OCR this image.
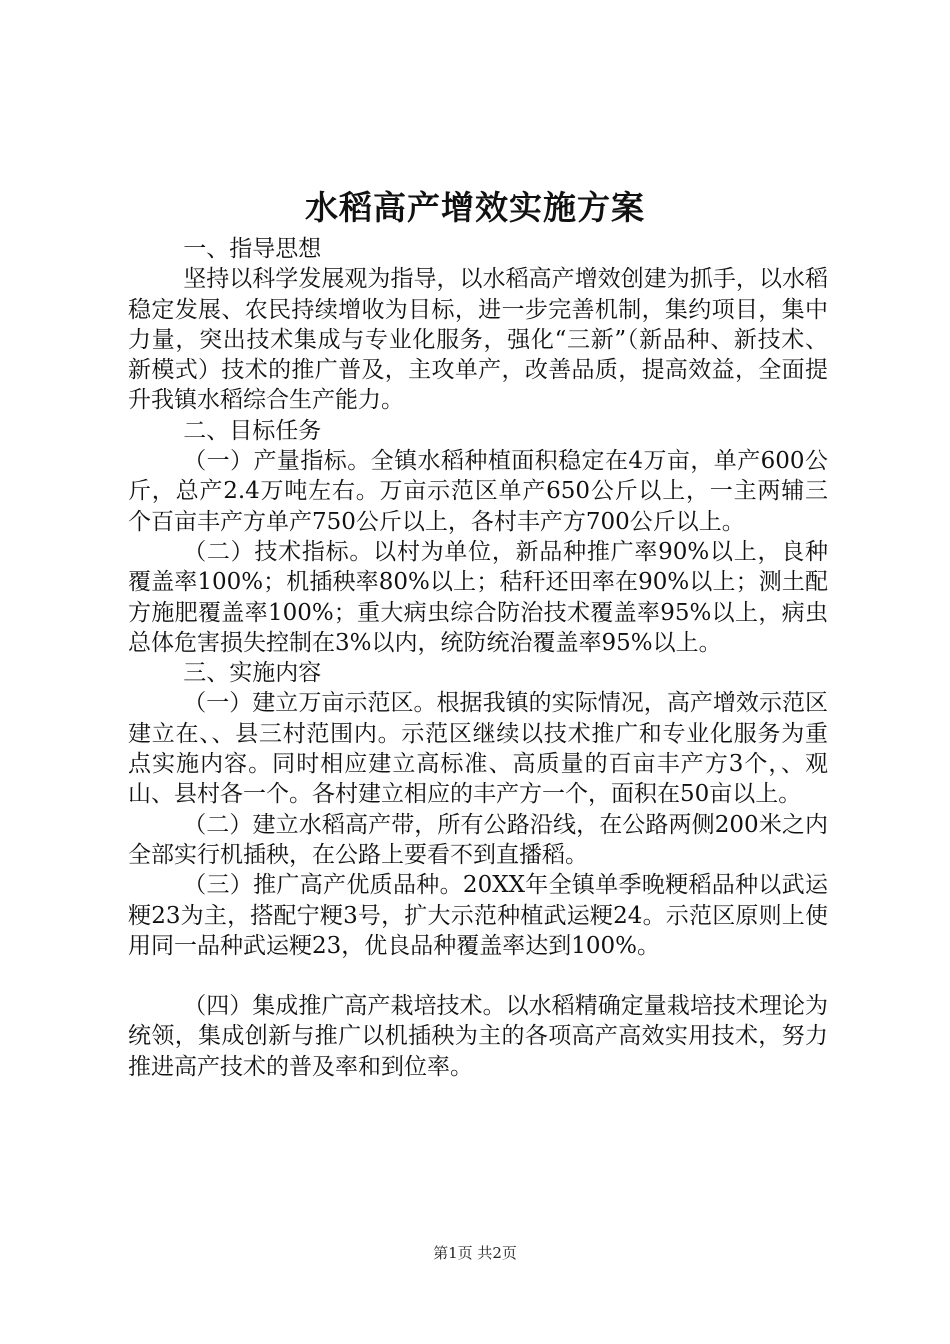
水稻高产增效实施方案

一、指导思想

坚持以科学发展观为指导，以水稻高产增效创建为抓手，以水稻稳定发展、农民持续增收为目标，进一步完善机制，集约项目，集中力量，突出技术集成与专业化服务，强化“三新”（新品种、新技术、新模式）技术的推广普及，主攻单产，改善品质，提高效益，全面提升我镇水稻综合生产能力。

二、目标任务

（一）产量指标。全镇水稻种植面积稳定在4万亩，单产600公斤，总产2.4万吨左右。万亩示范区单产650公斤以上，一主两辅三个百亩丰产方单产750公斤以上，各村丰产方700公斤以上。

（二）技术指标。以村为单位，新品种推广率90%以上，良种覆盖率100%；机插秧率80%以上；秸秆还田率在90%以上；测土配方施肥覆盖率100%；重大病虫综合防治技术覆盖率95%以上，病虫总体危害损失控制在3%以内，统防统治覆盖率95%以上。

三、实施内容

（一）建立万亩示范区。根据我镇的实际情况，高产增效示范区建立在、、县三村范围内。示范区继续以技术推广和专业化服务为重点实施内容。同时相应建立高标准、高质量的百亩丰产方3个，、观山、县村各一个。各村建立相应的丰产方一个，面积在50亩以上。

（二）建立水稻高产带，所有公路沿线，在公路两侧200米之内全部实行机插秧，在公路上要看不到直播稻。

（三）推广高产优质品种。20XX年全镇单季晚粳稻品种以武运粳23为主，搭配宁粳3号，扩大示范种植武运粳24。示范区原则上使用同一品种武运粳23，优良品种覆盖率达到100%。

（四）集成推广高产栽培技术。以水稻精确定量栽培技术理论为统领，集成创新与推广以机插秧为主的各项高产高效实用技术，努力推进高产技术的普及率和到位率。

第1页 共2页
